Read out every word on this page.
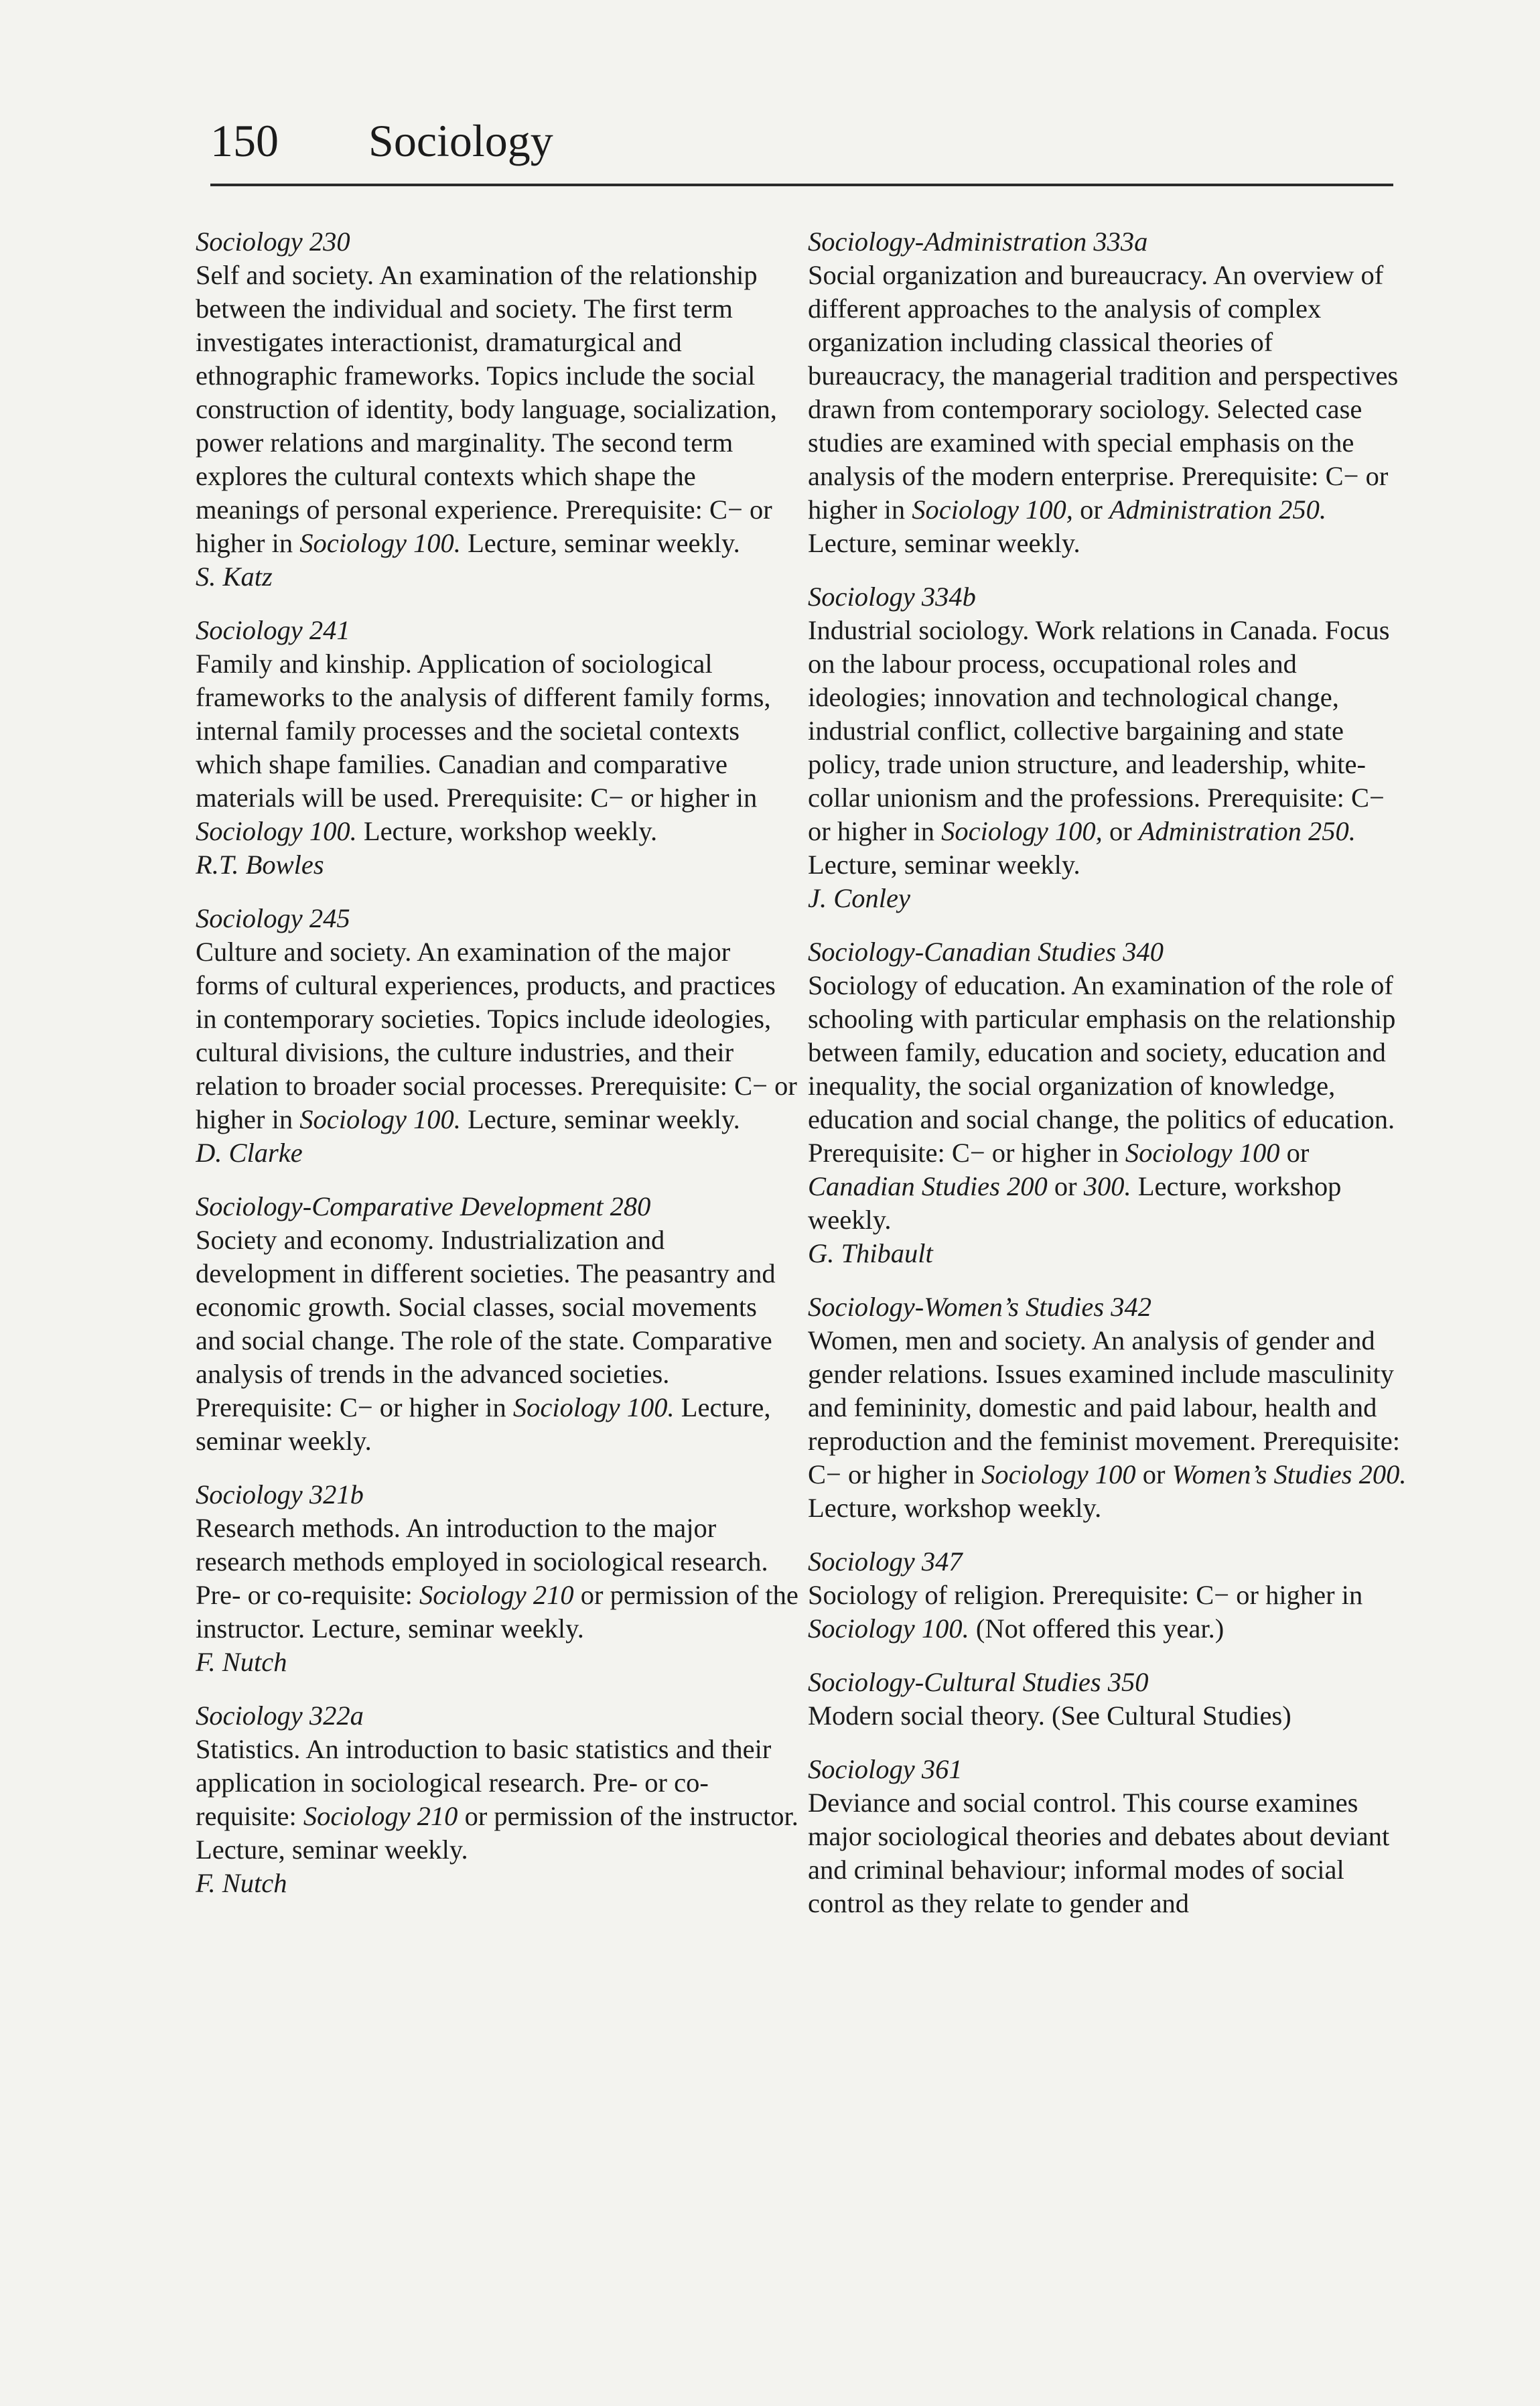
150 Sociology

Sociology 230

Self and society. An examination of the relationship between the individual and society. The first term investigates interactionist, dramaturgical and ethnographic frameworks. Topics include the social construction of identity, body language, socialization, power relations and marginality. The second term explores the cultural contexts which shape the meanings of personal experience. Prerequisite: C− or higher in Sociology 100. Lecture, seminar weekly.

S. Katz

Sociology 241

Family and kinship. Application of sociological frameworks to the analysis of different family forms, internal family processes and the societal contexts which shape families. Canadian and comparative materials will be used. Prerequisite: C− or higher in Sociology 100. Lecture, workshop weekly.

R.T. Bowles

Sociology 245

Culture and society. An examination of the major forms of cultural experiences, products, and practices in contemporary societies. Topics include ideologies, cultural divisions, the culture industries, and their relation to broader social processes. Prerequisite: C− or higher in Sociology 100. Lecture, seminar weekly.

D. Clarke

Sociology-Comparative Development 280

Society and economy. Industrialization and development in different societies. The peasantry and economic growth. Social classes, social movements and social change. The role of the state. Comparative analysis of trends in the advanced societies. Prerequisite: C− or higher in Sociology 100. Lecture, seminar weekly.

Sociology 321b

Research methods. An introduction to the major research methods employed in sociological research. Pre- or co-requisite: Sociology 210 or permission of the instructor. Lecture, seminar weekly.

F. Nutch

Sociology 322a

Statistics. An introduction to basic statistics and their application in sociological research. Pre- or co-requisite: Sociology 210 or permission of the instructor. Lecture, seminar weekly.

F. Nutch

Sociology-Administration 333a

Social organization and bureaucracy. An overview of different approaches to the analysis of complex organization including classical theories of bureaucracy, the managerial tradition and perspectives drawn from contemporary sociology. Selected case studies are examined with special emphasis on the analysis of the modern enterprise. Prerequisite: C− or higher in Sociology 100, or Administration 250. Lecture, seminar weekly.

Sociology 334b

Industrial sociology. Work relations in Canada. Focus on the labour process, occupational roles and ideologies; innovation and technological change, industrial conflict, collective bargaining and state policy, trade union structure, and leadership, white-collar unionism and the professions. Prerequisite: C− or higher in Sociology 100, or Administration 250. Lecture, seminar weekly.

J. Conley

Sociology-Canadian Studies 340

Sociology of education. An examination of the role of schooling with particular emphasis on the relationship between family, education and society, education and inequality, the social organization of knowledge, education and social change, the politics of education. Prerequisite: C− or higher in Sociology 100 or Canadian Studies 200 or 300. Lecture, workshop weekly.

G. Thibault

Sociology-Women’s Studies 342

Women, men and society. An analysis of gender and gender relations. Issues examined include masculinity and femininity, domestic and paid labour, health and reproduction and the feminist movement. Prerequisite: C− or higher in Sociology 100 or Women’s Studies 200. Lecture, workshop weekly.

Sociology 347

Sociology of religion. Prerequisite: C− or higher in Sociology 100. (Not offered this year.)

Sociology-Cultural Studies 350

Modern social theory. (See Cultural Studies)

Sociology 361

Deviance and social control. This course examines major sociological theories and debates about deviant and criminal behaviour; informal modes of social control as they relate to gender and
